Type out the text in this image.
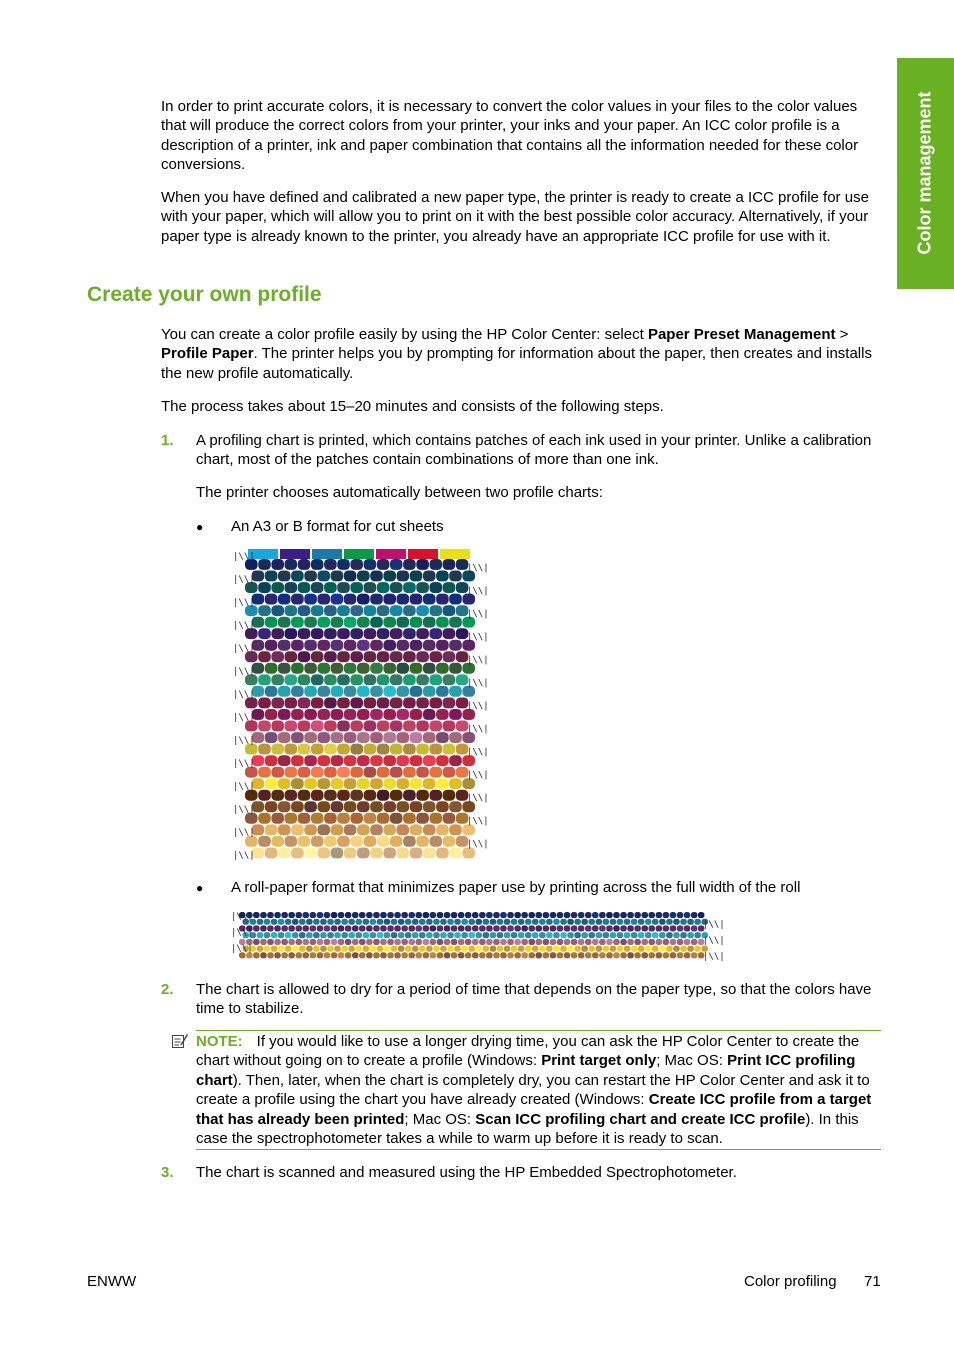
Color management

In order to print accurate colors, it is necessary to convert the color values in your files to the color values that will produce the correct colors from your printer, your inks and your paper. An ICC color profile is a description of a printer, ink and paper combination that contains all the information needed for these color conversions.

When you have defined and calibrated a new paper type, the printer is ready to create a ICC profile for use with your paper, which will allow you to print on it with the best possible color accuracy. Alternatively, if your paper type is already known to the printer, you already have an appropriate ICC profile for use with it.

Create your own profile

You can create a color profile easily by using the HP Color Center: select Paper Preset Management > Profile Paper. The printer helps you by prompting for information about the paper, then creates and installs the new profile automatically.

The process takes about 15–20 minutes and consists of the following steps.

1. A profiling chart is printed, which contains patches of each ink used in your printer. Unlike a calibration chart, most of the patches contain combinations of more than one ink.

The printer chooses automatically between two profile charts:

● An A3 or B format for cut sheets

|\\|
|\\|
|\\|
|\\|
|\\|
|\\|
|\\|
|\\|
|\\|
|\\|
|\\|
|\\|
|\\|
|\\|
|\\|
|\\|
|\\|
|\\|
|\\|
|\\|
|\\|
|\\|
|\\|
|\\|
|\\|
|\\|
|\\|
● A roll-paper format that minimizes paper use by printing across the full width of the roll

|\\|
|\\|
|\\|
|\\|
|\\|
|\\|
2. The chart is allowed to dry for a period of time that depends on the paper type, so that the colors have time to stabilize.

NOTE: If you would like to use a longer drying time, you can ask the HP Color Center to create the chart without going on to create a profile (Windows: Print target only; Mac OS: Print ICC profiling chart). Then, later, when the chart is completely dry, you can restart the HP Color Center and ask it to create a profile using the chart you have already created (Windows: Create ICC profile from a target that has already been printed; Mac OS: Scan ICC profiling chart and create ICC profile). In this case the spectrophotometer takes a while to warm up before it is ready to scan.

3. The chart is scanned and measured using the HP Embedded Spectrophotometer.

ENWW	Color profiling 71
